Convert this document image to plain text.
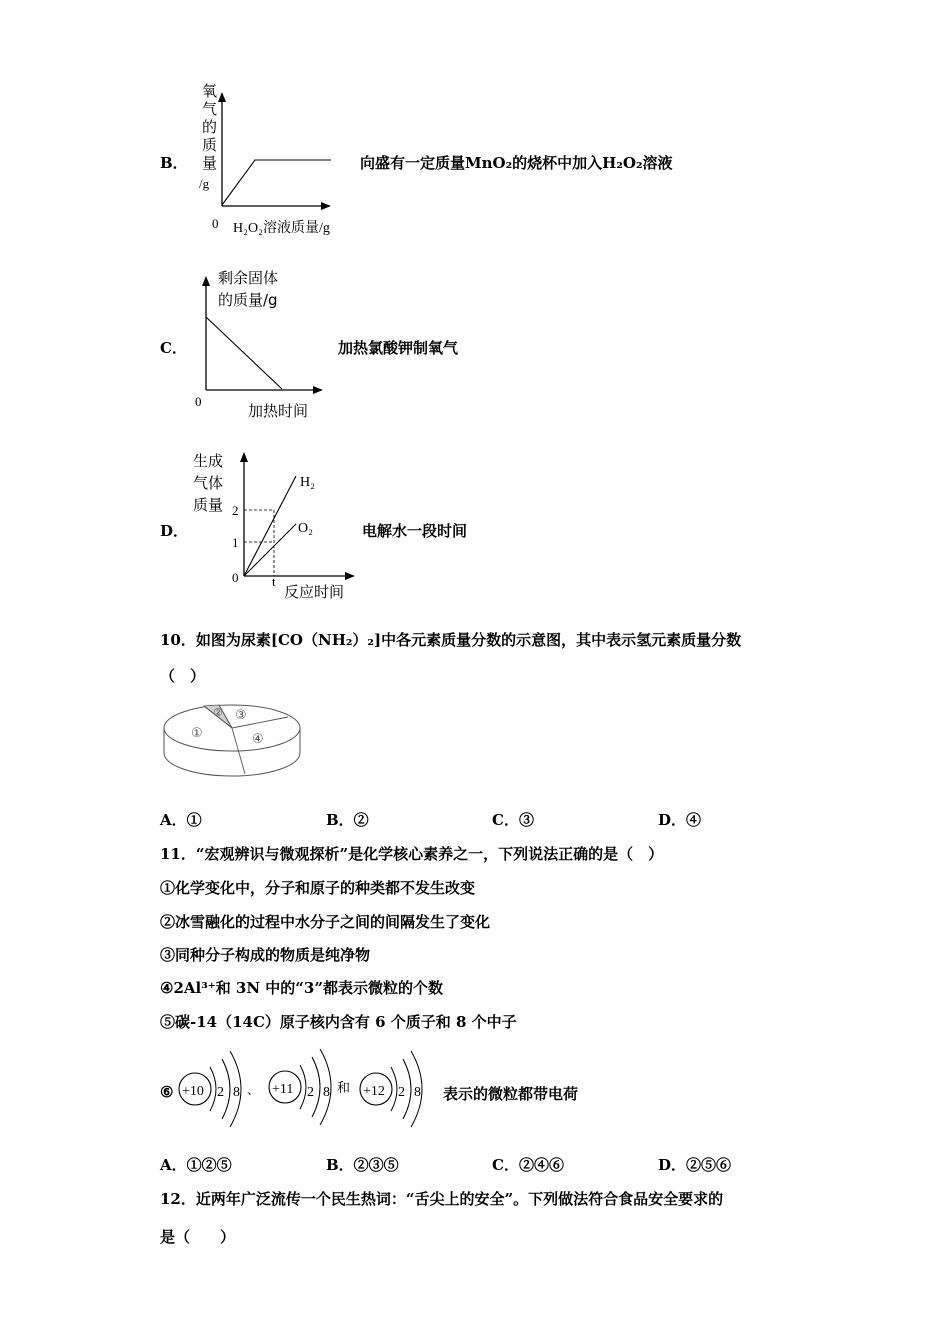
B．
氧
气
的
质
量
/g
0 H₂O₂溶液质量/g
向盛有一定质量MnO₂的烧杯中加入H₂O₂溶液
C．
剩余固体
的质量/g
0
加热时间
加热氯酸钾制氧气
D．
生成
气体
质量 2
1
0	t
H₂
O₂
反应时间
电解水一段时间
10．如图为尿素[CO（NH₂）₂]中各元素质量分数的示意图，其中表示氢元素质量分数
（　）
①
② ③
④
A．①	B．②	C．③	D．④
11．“宏观辨识与微观探析”是化学核心素养之一，下列说法正确的是（　）
①化学变化中，分子和原子的种类都不发生改变
②冰雪融化的过程中水分子之间的间隔发生了变化
③同种分子构成的物质是纯净物
④2Al³⁺和 3N 中的“3”都表示微粒的个数
⑤碳-14（14C）原子核内含有 6 个质子和 8 个中子
⑥ +10 2 8 、 +11 2 8 和 +12 2 8 表示的微粒都带电荷
A．①②⑤	B．②③⑤	C．②④⑥	D．②⑤⑥
12．近两年广泛流传一个民生热词：“舌尖上的安全”。下列做法符合食品安全要求的
是（　　）
